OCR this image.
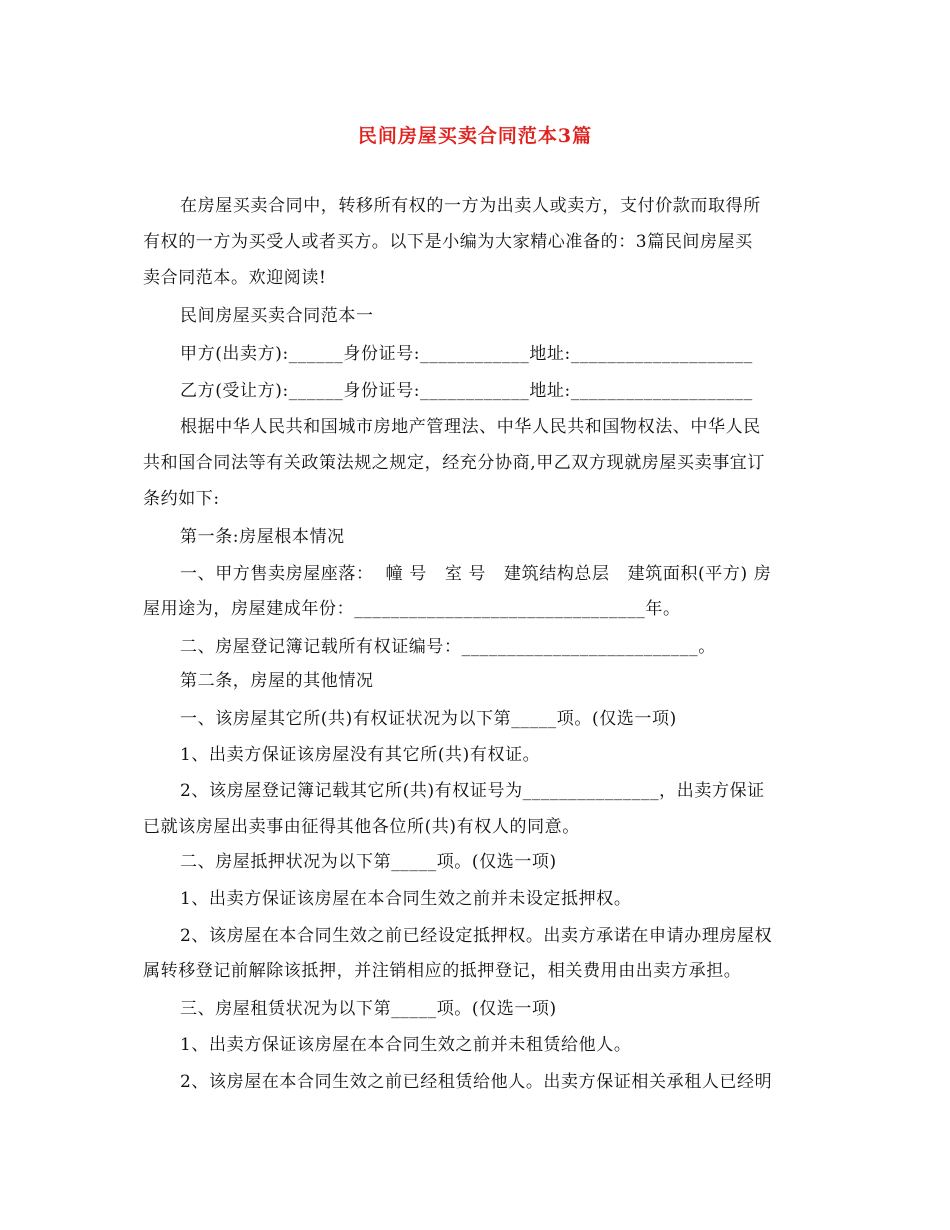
民间房屋买卖合同范本3篇
在房屋买卖合同中，转移所有权的一方为出卖人或卖方，支付价款而取得所
有权的一方为买受人或者买方。以下是小编为大家精心准备的：3篇民间房屋买
卖合同范本。欢迎阅读!
民间房屋买卖合同范本一
甲方(出卖方):______身份证号:____________地址:____________________
乙方(受让方):______身份证号:____________地址:____________________
根据中华人民共和国城市房地产管理法、中华人民共和国物权法、中华人民
共和国合同法等有关政策法规之规定，经充分协商,甲乙双方现就房屋买卖事宜订
条约如下:
第一条:房屋根本情况
一、甲方售卖房屋座落：  幢 号   室 号   建筑结构总层   建筑面积(平方) 房
屋用途为，房屋建成年份：________________________________年。
二、房屋登记簿记载所有权证编号：__________________________。
第二条，房屋的其他情况
一、该房屋其它所(共)有权证状况为以下第_____项。(仅选一项)
1、出卖方保证该房屋没有其它所(共)有权证。
2、该房屋登记簿记载其它所(共)有权证号为_______________，出卖方保证
已就该房屋出卖事由征得其他各位所(共)有权人的同意。
二、房屋抵押状况为以下第_____项。(仅选一项)
1、出卖方保证该房屋在本合同生效之前并未设定抵押权。
2、该房屋在本合同生效之前已经设定抵押权。出卖方承诺在申请办理房屋权
属转移登记前解除该抵押，并注销相应的抵押登记，相关费用由出卖方承担。
三、房屋租赁状况为以下第_____项。(仅选一项)
1、出卖方保证该房屋在本合同生效之前并未租赁给他人。
2、该房屋在本合同生效之前已经租赁给他人。出卖方保证相关承租人已经明
